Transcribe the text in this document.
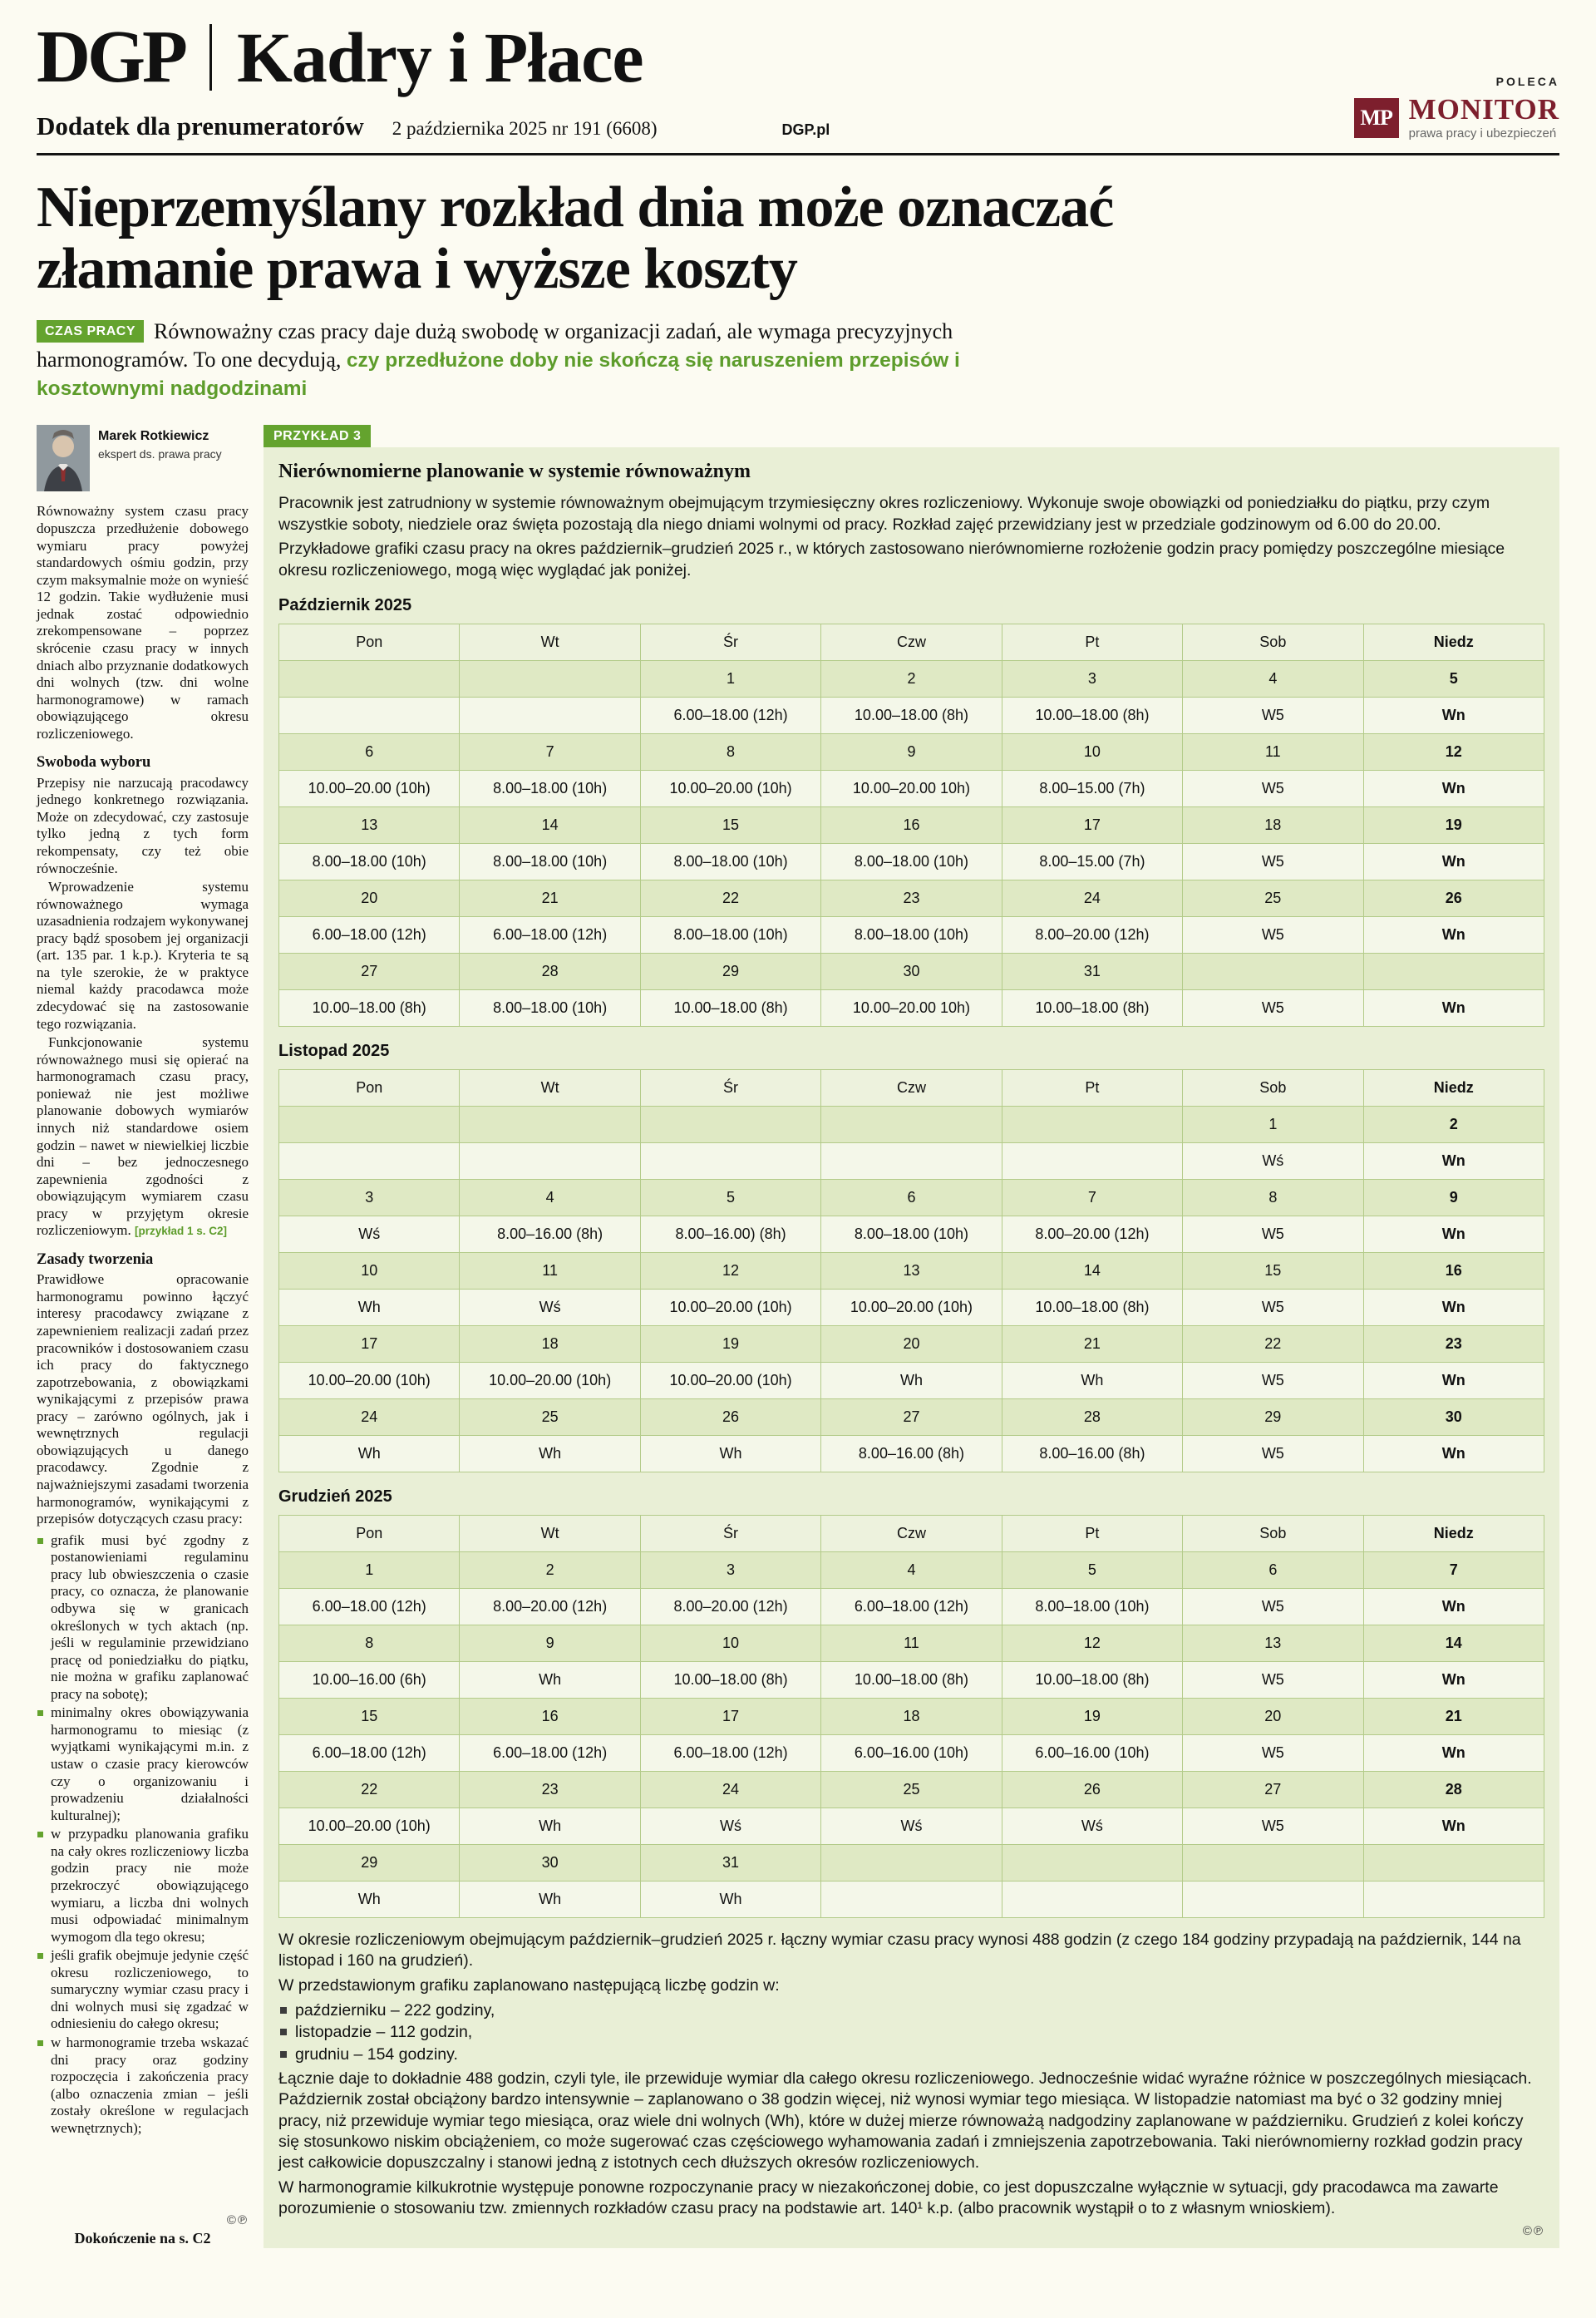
DGP Kadry i Płace
Dodatek dla prenumeratorów 2 października 2025 nr 191 (6608)	DGP.pl
POLECA
MP MONITOR
prawa pracy i ubezpieczeń
Nieprzemyślany rozkład dnia może oznaczać
złamanie prawa i wyższe koszty
CZAS PRACY Równoważny czas pracy daje dużą swobodę w organizacji zadań, ale wymaga precyzyjnych harmonogramów. To one decydują, czy przedłużone doby nie skończą się naruszeniem przepisów i kosztownymi nadgodzinami
Marek Rotkiewicz
ekspert ds. prawa pracy

Równoważny system czasu pracy dopuszcza przedłużenie dobowego wymiaru pracy powyżej standardowych ośmiu godzin, przy czym maksymalnie może on wynieść 12 godzin. Takie wydłużenie musi jednak zostać odpowiednio zrekompensowane – poprzez skrócenie czasu pracy w innych dniach albo przyznanie dodatkowych dni wolnych (tzw. dni wolne harmonogramowe) w ramach obowiązującego okresu rozliczeniowego.

Swoboda wyboru

Przepisy nie narzucają pracodawcy jednego konkretnego rozwiązania. Może on zdecydować, czy zastosuje tylko jedną z tych form rekompensaty, czy też obie równocześnie.

Wprowadzenie systemu równoważnego wymaga uzasadnienia rodzajem wykonywanej pracy bądź sposobem jej organizacji (art. 135 par. 1 k.p.). Kryteria te są na tyle szerokie, że w praktyce niemal każdy pracodawca może zdecydować się na zastosowanie tego rozwiązania.

Funkcjonowanie systemu równoważnego musi się opierać na harmonogramach czasu pracy, ponieważ nie jest możliwe planowanie dobowych wymiarów innych niż standardowe osiem godzin – nawet w niewielkiej liczbie dni – bez jednoczesnego zapewnienia zgodności z obowiązującym wymiarem czasu pracy w przyjętym okresie rozliczeniowym. [przykład 1 s. C2]

Zasady tworzenia

Prawidłowe opracowanie harmonogramu powinno łączyć interesy pracodawcy związane z zapewnieniem realizacji zadań przez pracowników i dostosowaniem czasu ich pracy do faktycznego zapotrzebowania, z obowiązkami wynikającymi z przepisów prawa pracy – zarówno ogólnych, jak i wewnętrznych regulacji obowiązujących u danego pracodawcy. Zgodnie z najważniejszymi zasadami tworzenia harmonogramów, wynikającymi z przepisów dotyczących czasu pracy:

grafik musi być zgodny z postanowieniami regulaminu pracy lub obwieszczenia o czasie pracy, co oznacza, że planowanie odbywa się w granicach określonych w tych aktach (np. jeśli w regulaminie przewidziano pracę od poniedziałku do piątku, nie można w grafiku zaplanować pracy na sobotę);
minimalny okres obowiązywania harmonogramu to miesiąc (z wyjątkami wynikającymi m.in. z ustaw o czasie pracy kierowców czy o organizowaniu i prowadzeniu działalności kulturalnej);
w przypadku planowania grafiku na cały okres rozliczeniowy liczba godzin pracy nie może przekroczyć obowiązującego wymiaru, a liczba dni wolnych musi odpowiadać minimalnym wymogom dla tego okresu;
jeśli grafik obejmuje jedynie część okresu rozliczeniowego, to sumaryczny wymiar czasu pracy i dni wolnych musi się zgadzać w odniesieniu do całego okresu;
w harmonogramie trzeba wskazać dni pracy oraz godziny rozpoczęcia i zakończenia pracy (albo oznaczenia zmian – jeśli zostały określone w regulacjach wewnętrznych);
©℗
Dokończenie na s. C2
PRZYKŁAD 3
Nierównomierne planowanie w systemie równoważnym

Pracownik jest zatrudniony w systemie równoważnym obejmującym trzymiesięczny okres rozliczeniowy. Wykonuje swoje obowiązki od poniedziałku do piątku, przy czym wszystkie soboty, niedziele oraz święta pozostają dla niego dniami wolnymi od pracy. Rozkład zajęć przewidziany jest w przedziale godzinowym od 6.00 do 20.00.

Przykładowe grafiki czasu pracy na okres październik–grudzień 2025 r., w których zastosowano nierównomierne rozłożenie godzin pracy pomiędzy poszczególne miesiące okresu rozliczeniowego, mogą więc wyglądać jak poniżej.

Październik 2025
Pon	Wt	Śr	Czw	Pt	Sob	Niedz
		1	2	3	4	5
		6.00–18.00 (12h)	10.00–18.00 (8h)	10.00–18.00 (8h)	W5	Wn
6	7	8	9	10	11	12
10.00–20.00 (10h)	8.00–18.00 (10h)	10.00–20.00 (10h)	10.00–20.00 10h)	8.00–15.00 (7h)	W5	Wn
13	14	15	16	17	18	19
8.00–18.00 (10h)	8.00–18.00 (10h)	8.00–18.00 (10h)	8.00–18.00 (10h)	8.00–15.00 (7h)	W5	Wn
20	21	22	23	24	25	26
6.00–18.00 (12h)	6.00–18.00 (12h)	8.00–18.00 (10h)	8.00–18.00 (10h)	8.00–20.00 (12h)	W5	Wn
27	28	29	30	31		
10.00–18.00 (8h)	8.00–18.00 (10h)	10.00–18.00 (8h)	10.00–20.00 10h)	10.00–18.00 (8h)	W5	Wn
Listopad 2025
Pon	Wt	Śr	Czw	Pt	Sob	Niedz
					1	2
					Wś	Wn
3	4	5	6	7	8	9
Wś	8.00–16.00 (8h)	8.00–16.00) (8h)	8.00–18.00 (10h)	8.00–20.00 (12h)	W5	Wn
10	11	12	13	14	15	16
Wh	Wś	10.00–20.00 (10h)	10.00–20.00 (10h)	10.00–18.00 (8h)	W5	Wn
17	18	19	20	21	22	23
10.00–20.00 (10h)	10.00–20.00 (10h)	10.00–20.00 (10h)	Wh	Wh	W5	Wn
24	25	26	27	28	29	30
Wh	Wh	Wh	8.00–16.00 (8h)	8.00–16.00 (8h)	W5	Wn
Grudzień 2025
Pon	Wt	Śr	Czw	Pt	Sob	Niedz
1	2	3	4	5	6	7
6.00–18.00 (12h)	8.00–20.00 (12h)	8.00–20.00 (12h)	6.00–18.00 (12h)	8.00–18.00 (10h)	W5	Wn
8	9	10	11	12	13	14
10.00–16.00 (6h)	Wh	10.00–18.00 (8h)	10.00–18.00 (8h)	10.00–18.00 (8h)	W5	Wn
15	16	17	18	19	20	21
6.00–18.00 (12h)	6.00–18.00 (12h)	6.00–18.00 (12h)	6.00–16.00 (10h)	6.00–16.00 (10h)	W5	Wn
22	23	24	25	26	27	28
10.00–20.00 (10h)	Wh	Wś	Wś	Wś	W5	Wn
29	30	31				
Wh	Wh	Wh				

W okresie rozliczeniowym obejmującym październik–grudzień 2025 r. łączny wymiar czasu pracy wynosi 488 godzin (z czego 184 godziny przypadają na październik, 144 na listopad i 160 na grudzień).

W przedstawionym grafiku zaplanowano następującą liczbę godzin w:

październiku – 222 godziny,
listopadzie – 112 godzin,
grudniu – 154 godziny.

Łącznie daje to dokładnie 488 godzin, czyli tyle, ile przewiduje wymiar dla całego okresu rozliczeniowego. Jednocześnie widać wyraźne różnice w poszczególnych miesiącach. Październik został obciążony bardzo intensywnie – zaplanowano o 38 godzin więcej, niż wynosi wymiar tego miesiąca. W listopadzie natomiast ma być o 32 godziny mniej pracy, niż przewiduje wymiar tego miesiąca, oraz wiele dni wolnych (Wh), które w dużej mierze równoważą nadgodziny zaplanowane w październiku. Grudzień z kolei kończy się stosunkowo niskim obciążeniem, co może sugerować czas częściowego wyhamowania zadań i zmniejszenia zapotrzebowania. Taki nierównomierny rozkład godzin pracy jest całkowicie dopuszczalny i stanowi jedną z istotnych cech dłuższych okresów rozliczeniowych.

W harmonogramie kilkukrotnie występuje ponowne rozpoczynanie pracy w niezakończonej dobie, co jest dopuszczalne wyłącznie w sytuacji, gdy pracodawca ma zawarte porozumienie o stosowaniu tzw. zmiennych rozkładów czasu pracy na podstawie art. 140¹ k.p. (albo pracownik wystąpił o to z własnym wnioskiem).

©℗
